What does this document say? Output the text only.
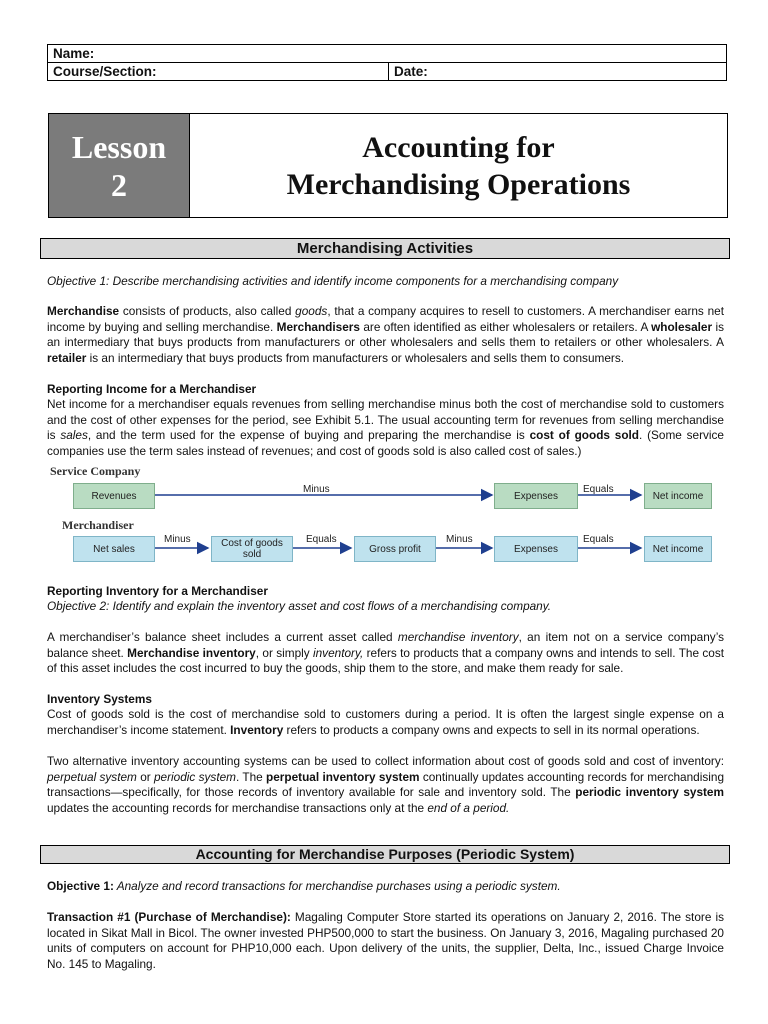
Name:
Course/Section:	Date:
Lesson
2
Accounting for
Merchandising Operations
Merchandising Activities
Objective 1: Describe merchandising activities and identify income components for a merchandising company
Merchandise consists of products, also called goods, that a company acquires to resell to customers. A merchandiser earns net income by buying and selling merchandise. Merchandisers are often identified as either wholesalers or retailers. A wholesaler is an intermediary that buys products from manufacturers or other wholesalers and sells them to retailers or other wholesalers. A retailer is an intermediary that buys products from manufacturers or wholesalers and sells them to consumers.
Reporting Income for a Merchandiser
Net income for a merchandiser equals revenues from selling merchandise minus both the cost of merchandise sold to customers and the cost of other expenses for the period, see Exhibit 5.1. The usual accounting term for revenues from selling merchandise is sales, and the term used for the expense of buying and preparing the merchandise is cost of goods sold. (Some service companies use the term sales instead of revenues; and cost of goods sold is also called cost of sales.)
Service Company
Revenues
Minus
Expenses
Equals
Net income
Merchandiser
Net sales
Minus	Cost of goods sold
Equals
Gross profit
Minus
Expenses
Equals
Net income
Reporting Inventory for a Merchandiser
Objective 2: Identify and explain the inventory asset and cost flows of a merchandising company.
A merchandiser’s balance sheet includes a current asset called merchandise inventory, an item not on a service company’s balance sheet. Merchandise inventory, or simply inventory, refers to products that a company owns and intends to sell. The cost of this asset includes the cost incurred to buy the goods, ship them to the store, and make them ready for sale.
Inventory Systems
Cost of goods sold is the cost of merchandise sold to customers during a period. It is often the largest single expense on a merchandiser’s income statement. Inventory refers to products a company owns and expects to sell in its normal operations.
Two alternative inventory accounting systems can be used to collect information about cost of goods sold and cost of inventory: perpetual system or periodic system. The perpetual inventory system continually updates accounting records for merchandising transactions—specifically, for those records of inventory available for sale and inventory sold. The periodic inventory system updates the accounting records for merchandise transactions only at the end of a period.
Accounting for Merchandise Purposes (Periodic System)
Objective 1: Analyze and record transactions for merchandise purchases using a periodic system.
Transaction #1 (Purchase of Merchandise): Magaling Computer Store started its operations on January 2, 2016. The store is located in Sikat Mall in Bicol. The owner invested PHP500,000 to start the business. On January 3, 2016, Magaling purchased 20 units of computers on account for PHP10,000 each. Upon delivery of the units, the supplier, Delta, Inc., issued Charge Invoice No. 145 to Magaling.
